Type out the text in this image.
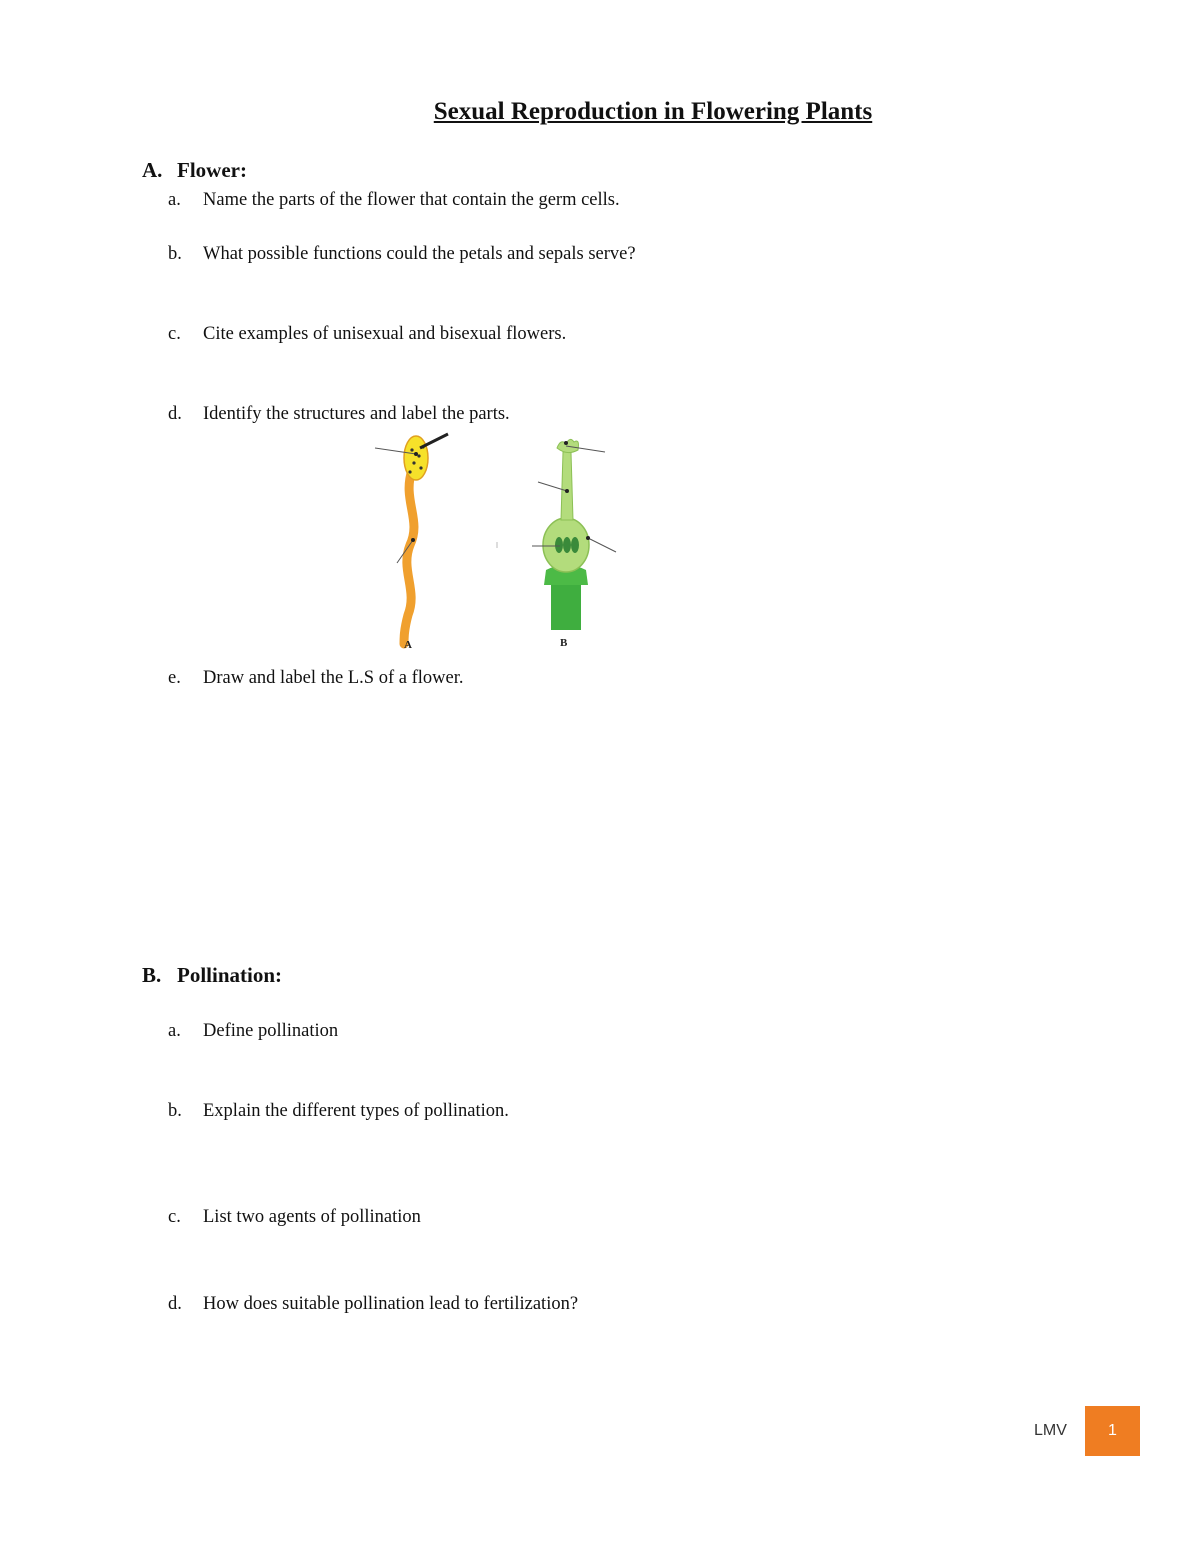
Sexual Reproduction in Flowering Plants
A. Flower:
a. Name the parts of the flower that contain the germ cells.
b. What possible functions could the petals and sepals serve?
c. Cite examples of unisexual and bisexual flowers.
d. Identify the structures and label the parts.
A	B
e. Draw and label the L.S of a flower.
B. Pollination:
a. Define pollination
b. Explain the different types of pollination.
c. List two agents of pollination
d. How does suitable pollination lead to fertilization?
LMV	1
